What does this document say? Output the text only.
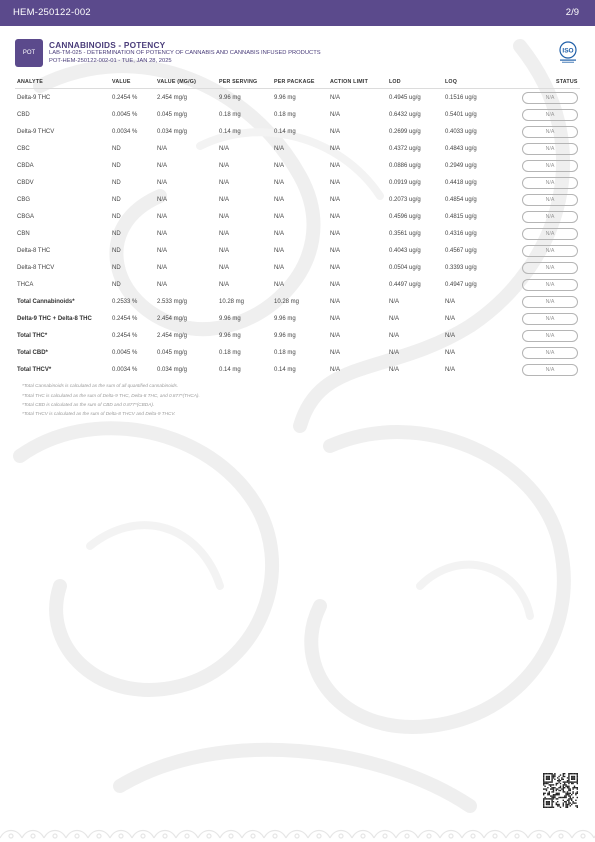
HEM-250122-002	2/9
POT
CANNABINOIDS - POTENCY
LAB-TM-025 - DETERMINATION OF POTENCY OF CANNABIS AND CANNABIS INFUSED PRODUCTS
POT-HEM-250122-002-01 - TUE, JAN 28, 2025
ISO
ANALYTE	VALUE	VALUE (MG/G)	PER SERVING	PER PACKAGE	ACTION LIMIT	LOD	LOQ	STATUS
Delta-9 THC	0.2454 %	2.454 mg/g	9.96 mg	9.96 mg	N/A	0.4945 ug/g	0.1516 ug/g	N/A
CBD	0.0045 %	0.045 mg/g	0.18 mg	0.18 mg	N/A	0.6432 ug/g	0.5401 ug/g	N/A
Delta-9 THCV	0.0034 %	0.034 mg/g	0.14 mg	0.14 mg	N/A	0.2699 ug/g	0.4033 ug/g	N/A
CBC	ND	N/A	N/A	N/A	N/A	0.4372 ug/g	0.4843 ug/g	N/A
CBDA	ND	N/A	N/A	N/A	N/A	0.0886 ug/g	0.2949 ug/g	N/A
CBDV	ND	N/A	N/A	N/A	N/A	0.0919 ug/g	0.4418 ug/g	N/A
CBG	ND	N/A	N/A	N/A	N/A	0.2073 ug/g	0.4854 ug/g	N/A
CBGA	ND	N/A	N/A	N/A	N/A	0.4596 ug/g	0.4815 ug/g	N/A
CBN	ND	N/A	N/A	N/A	N/A	0.3561 ug/g	0.4316 ug/g	N/A
Delta-8 THC	ND	N/A	N/A	N/A	N/A	0.4043 ug/g	0.4567 ug/g	N/A
Delta-8 THCV	ND	N/A	N/A	N/A	N/A	0.0504 ug/g	0.3393 ug/g	N/A
THCA	ND	N/A	N/A	N/A	N/A	0.4497 ug/g	0.4947 ug/g	N/A
Total Cannabinoids*	0.2533 %	2.533 mg/g	10.28 mg	10.28 mg	N/A	N/A	N/A	N/A
Delta-9 THC + Delta-8 THC	0.2454 %	2.454 mg/g	9.96 mg	9.96 mg	N/A	N/A	N/A	N/A
Total THC*	0.2454 %	2.454 mg/g	9.96 mg	9.96 mg	N/A	N/A	N/A	N/A
Total CBD*	0.0045 %	0.045 mg/g	0.18 mg	0.18 mg	N/A	N/A	N/A	N/A
Total THCV*	0.0034 %	0.034 mg/g	0.14 mg	0.14 mg	N/A	N/A	N/A	N/A
*Total Cannabinoids is calculated as the sum of all quantified cannabinoids.
*Total THC is calculated as the sum of Delta-9 THC, Delta-8 THC, and 0.877*(THCA).
*Total CBD is calculated as the sum of CBD and 0.877*(CBDA).
*Total THCV is calculated as the sum of Delta-8 THCV and Delta-9 THCV.
